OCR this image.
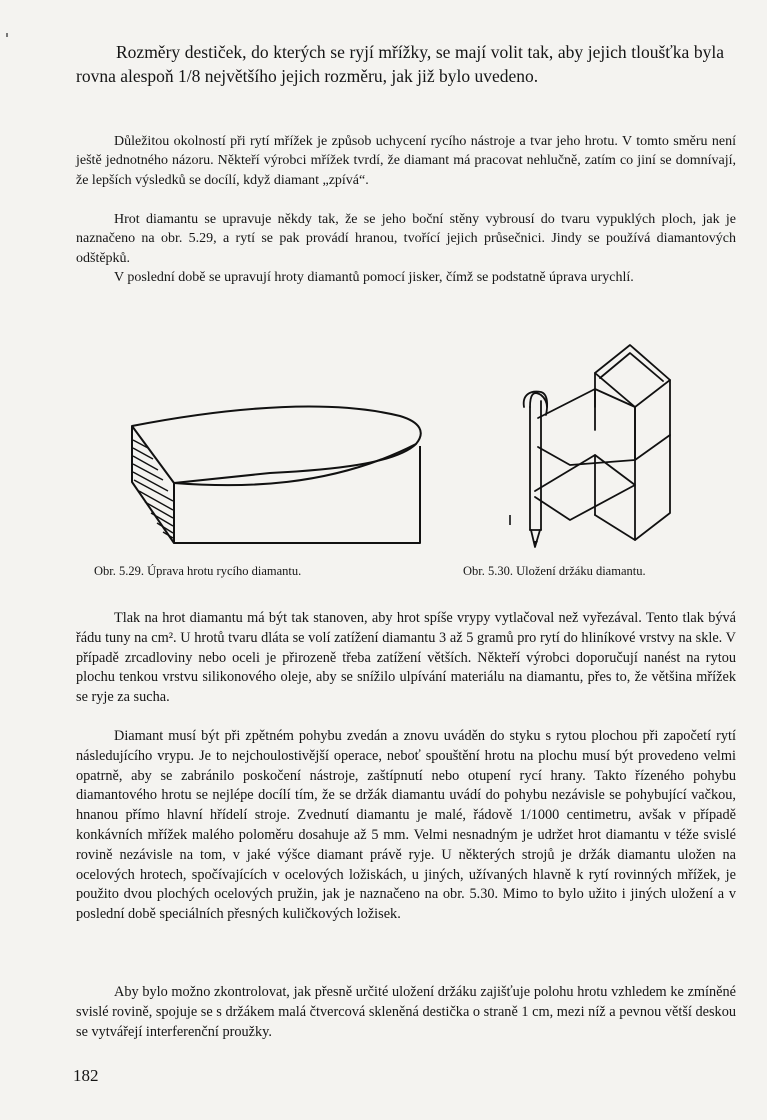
Rozměry destiček, do kterých se ryjí mřížky, se mají volit tak, aby jejich tloušťka byla rovna alespoň 1/8 největšího jejich rozměru, jak již bylo uvedeno.

Důležitou okolností při rytí mřížek je způsob uchycení rycího nástroje a tvar jeho hrotu. V tomto směru není ještě jednotného názoru. Někteří výrobci mřížek tvrdí, že diamant má pracovat nehlučně, zatím co jiní se domnívají, že lepších výsledků se docílí, když diamant „zpívá“.

Hrot diamantu se upravuje někdy tak, že se jeho boční stěny vybrousí do tvaru vypuklých ploch, jak je naznačeno na obr. 5.29, a rytí se pak provádí hranou, tvořící jejich průsečnici. Jindy se používá diamantových odštěpků.

V poslední době se upravují hroty diamantů pomocí jisker, čímž se podstatně úprava urychlí.

Obr. 5.29. Úprava hrotu rycího diamantu.	Obr. 5.30. Uložení držáku diamantu.

Tlak na hrot diamantu má být tak stanoven, aby hrot spíše vrypy vytlačoval než vyřezával. Tento tlak bývá řádu tuny na cm². U hrotů tvaru dláta se volí zatížení diamantu 3 až 5 gramů pro rytí do hliníkové vrstvy na skle. V případě zrcadloviny nebo oceli je přirozeně třeba zatížení větších. Někteří výrobci doporučují nanést na rytou plochu tenkou vrstvu silikonového oleje, aby se snížilo ulpívání materiálu na diamantu, přes to, že většina mřížek se ryje za sucha.

Diamant musí být při zpětném pohybu zvedán a znovu uváděn do styku s rytou plochou při započetí rytí následujícího vrypu. Je to nejchoulostivější operace, neboť spouštění hrotu na plochu musí být provedeno velmi opatrně, aby se zabránilo poskočení nástroje, zaštípnutí nebo otupení rycí hrany. Takto řízeného pohybu diamantového hrotu se nejlépe docílí tím, že se držák diamantu uvádí do pohybu nezávisle se pohybující vačkou, hnanou přímo hlavní hřídelí stroje. Zvednutí diamantu je malé, řádově 1/1000 centimetru, avšak v případě konkávních mřížek malého poloměru dosahuje až 5 mm. Velmi nesnadným je udržet hrot diamantu v téže svislé rovině nezávisle na tom, v jaké výšce diamant právě ryje. U některých strojů je držák diamantu uložen na ocelových hrotech, spočívajících v ocelových ložiskách, u jiných, užívaných hlavně k rytí rovinných mřížek, je použito dvou plochých ocelových pružin, jak je naznačeno na obr. 5.30. Mimo to bylo užito i jiných uložení a v poslední době speciálních přesných kuličkových ložisek.

Aby bylo možno zkontrolovat, jak přesně určité uložení držáku zajišťuje polohu hrotu vzhledem ke zmíněné svislé rovině, spojuje se s držákem malá čtvercová skleněná destička o straně 1 cm, mezi níž a pevnou větší deskou se vytvářejí interferenční proužky.

182
